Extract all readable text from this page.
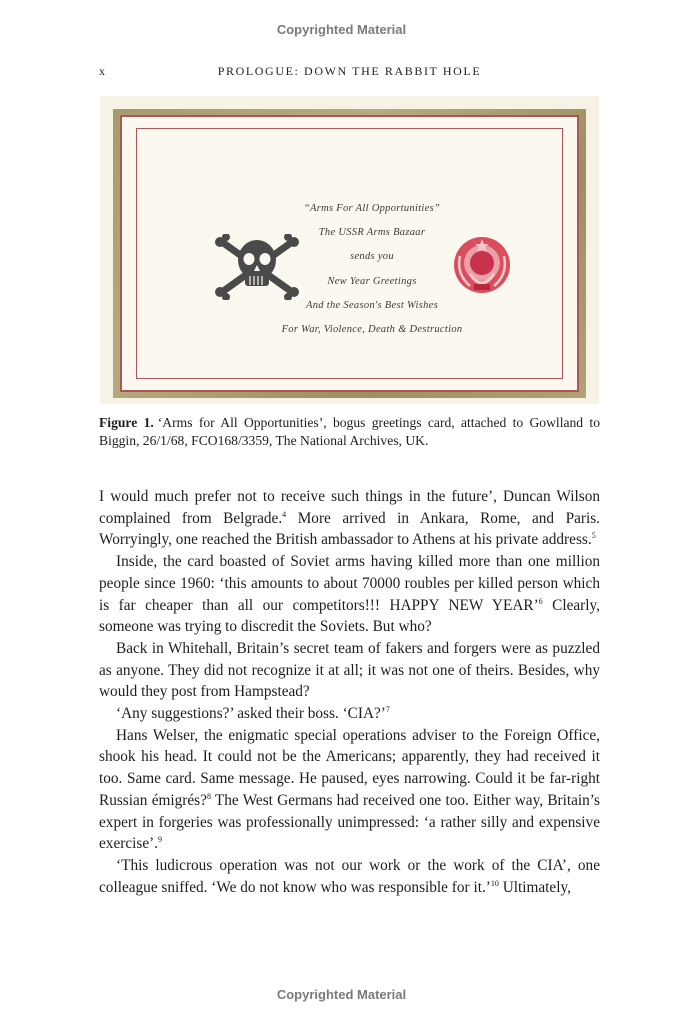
Copyrighted Material
x	PROLOGUE: DOWN THE RABBIT HOLE
“Arms For All Opportunities”
The USSR Arms Bazaar
sends you
New Year Greetings
And the Season's Best Wishes
For War, Violence, Death & Destruction
Figure 1. ‘Arms for All Opportunities’, bogus greetings card, attached to Gowlland to Biggin, 26/1/68, FCO168/3359, The National Archives, UK.

I would much prefer not to receive such things in the future’, Duncan Wilson complained from Belgrade.$^4$ More arrived in Ankara, Rome, and Paris. Worryingly, one reached the British ambassador to Athens at his private address.$^5$

Inside, the card boasted of Soviet arms having killed more than one million people since 1960: ‘this amounts to about 70000 roubles per killed person which is far cheaper than all our competitors!!! HAPPY NEW YEAR’$^6$ Clearly, someone was trying to discredit the Soviets. But who?

Back in Whitehall, Britain’s secret team of fakers and forgers were as puzzled as anyone. They did not recognize it at all; it was not one of theirs. Besides, why would they post from Hampstead?

‘Any suggestions?’ asked their boss. ‘CIA?’$^7$

Hans Welser, the enigmatic special operations adviser to the Foreign Office, shook his head. It could not be the Americans; apparently, they had received it too. Same card. Same message. He paused, eyes narrowing. Could it be far-right Russian émigrés?$^8$ The West Germans had received one too. Either way, Britain’s expert in forgeries was professionally unimpressed: ‘a rather silly and expensive exercise’.$^9$

‘This ludicrous operation was not our work or the work of the CIA’, one colleague sniffed. ‘We do not know who was responsible for it.’$^{10}$ Ultimately,

Copyrighted Material
